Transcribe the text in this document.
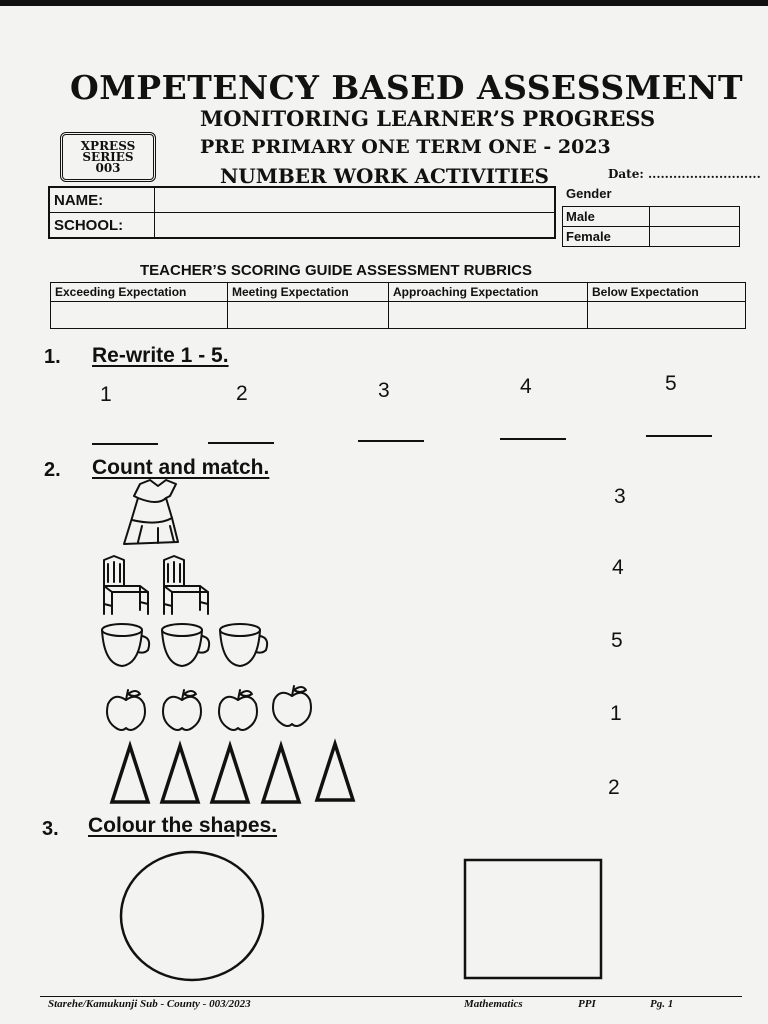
OMPETENCY BASED ASSESSMENT
MONITORING LEARNER’S PROGRESS
PRE PRIMARY ONE TERM ONE - 2023
NUMBER WORK ACTIVITIES	Date: ...........................
XPRESS
SERIES
003
NAME:	
SCHOOL:	
Gender
Male	
Female	
TEACHER’S SCORING GUIDE ASSESSMENT RUBRICS
Exceeding Expectation	Meeting Expectation	Approaching Expectation	Below Expectation

1. Re-write 1 - 5.
1	2	3	4	5
2. Count and match.
3
4
5
1
2
3. Colour the shapes.
Starehe/Kamukunji Sub - County - 003/2023	Mathematics	PPI	Pg. 1
